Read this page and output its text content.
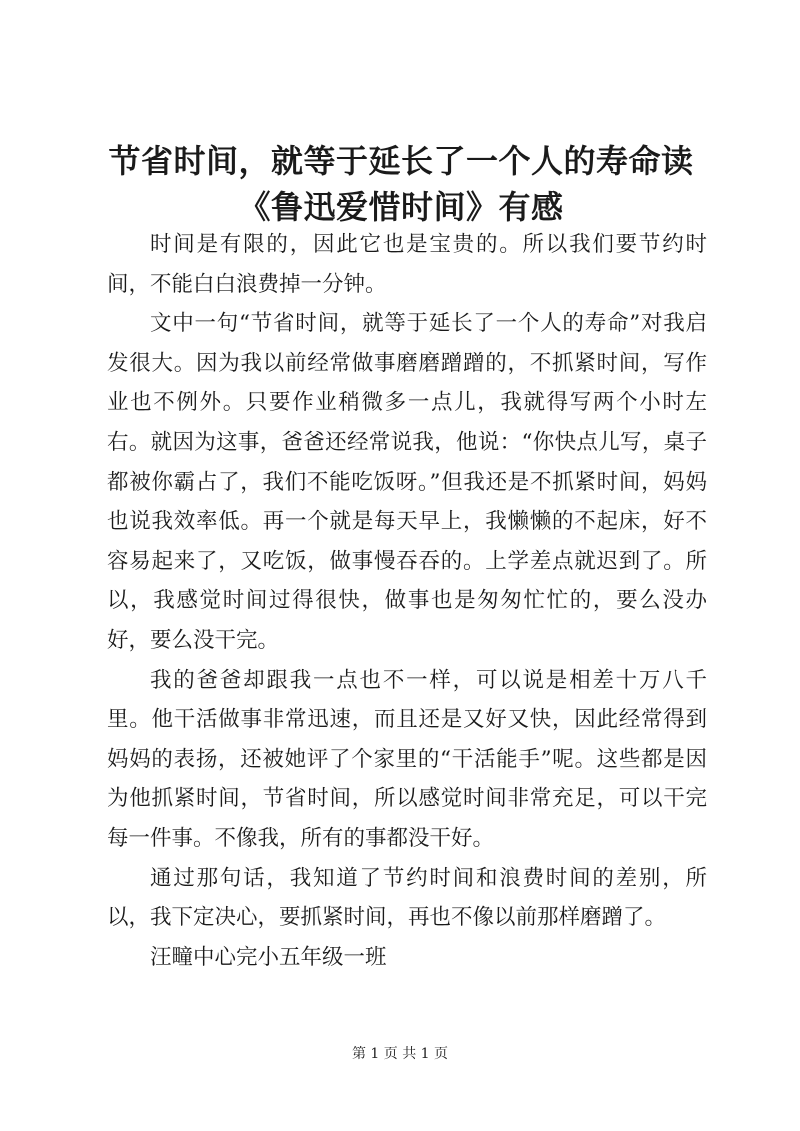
节省时间，就等于延长了一个人的寿命读《鲁迅爱惜时间》有感

时间是有限的，因此它也是宝贵的。所以我们要节约时间，不能白白浪费掉一分钟。

文中一句“节省时间，就等于延长了一个人的寿命”对我启发很大。因为我以前经常做事磨磨蹭蹭的，不抓紧时间，写作业也不例外。只要作业稍微多一点儿，我就得写两个小时左右。就因为这事，爸爸还经常说我，他说：“你快点儿写，桌子都被你霸占了，我们不能吃饭呀。”但我还是不抓紧时间，妈妈也说我效率低。再一个就是每天早上，我懒懒的不起床，好不容易起来了，又吃饭，做事慢吞吞的。上学差点就迟到了。所以，我感觉时间过得很快，做事也是匆匆忙忙的，要么没办好，要么没干完。

我的爸爸却跟我一点也不一样，可以说是相差十万八千里。他干活做事非常迅速，而且还是又好又快，因此经常得到妈妈的表扬，还被她评了个家里的“干活能手”呢。这些都是因为他抓紧时间，节省时间，所以感觉时间非常充足，可以干完每一件事。不像我，所有的事都没干好。

通过那句话，我知道了节约时间和浪费时间的差别，所以，我下定决心，要抓紧时间，再也不像以前那样磨蹭了。

汪疃中心完小五年级一班

第 1 页 共 1 页
